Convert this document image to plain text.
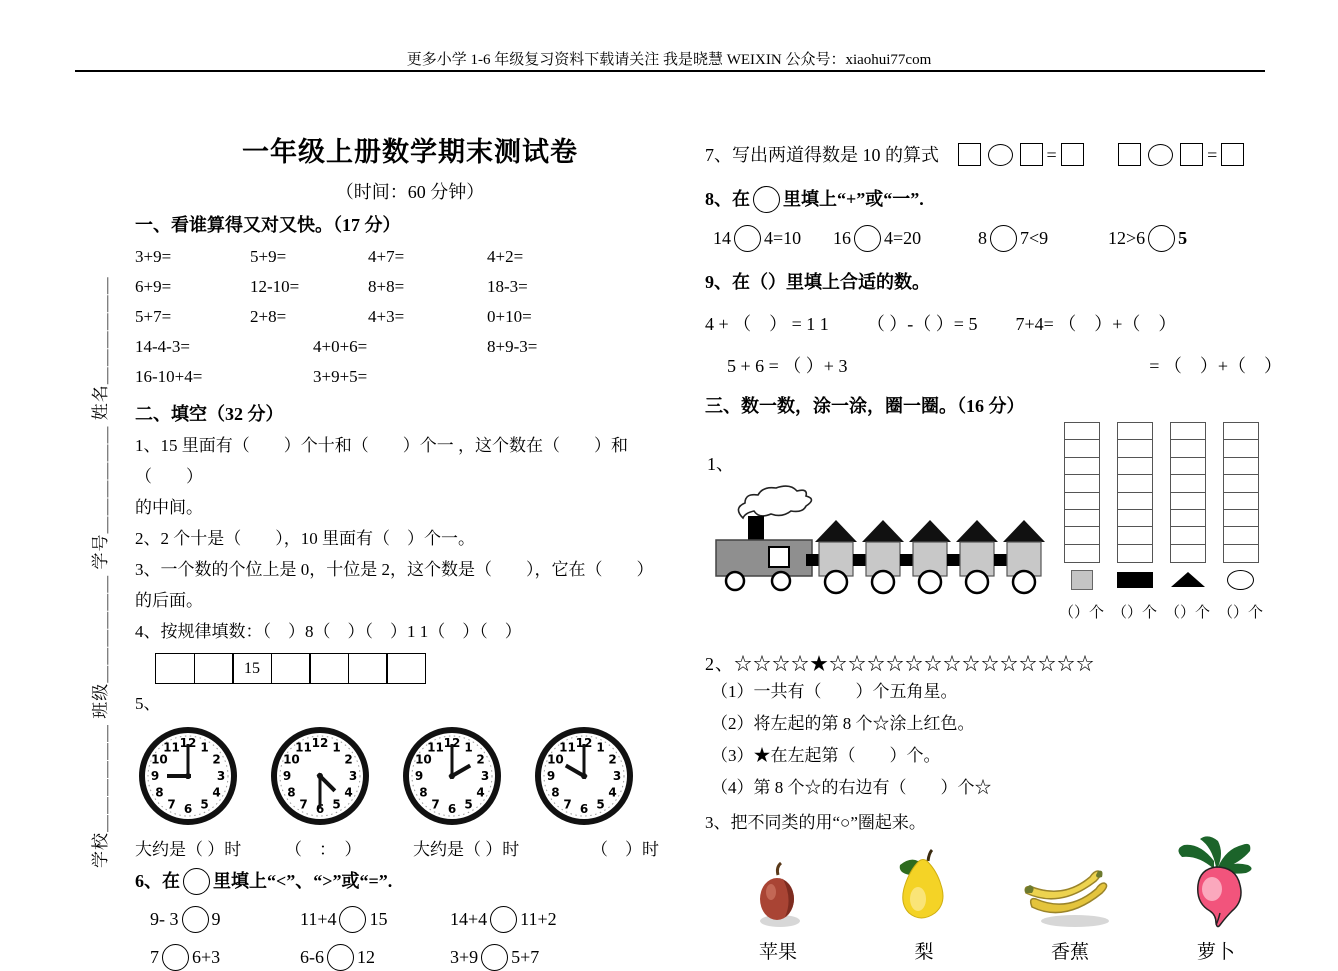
更多小学 1-6 年级复习资料下载请关注 我是晓慧 WEIXIN 公众号：xiaohui77com
学校＿＿＿＿＿＿ 班级＿＿＿＿＿＿ 学号＿＿＿＿＿＿ 姓名＿＿＿＿＿＿
一年级上册数学期末测试卷
（时间：60 分钟）
一、看谁算得又对又快。（17 分）
3+9=	5+9=	4+7=	4+2=
6+9=	12-10=	8+8=	18-3=
5+7=	2+8=	4+3=	0+10=
14-4-3=	4+0+6=	8+9-3=
16-10+4=	3+9+5=
二、填空（32 分）
1、15 里面有（　　）个十和（　　）个一 ，这个数在（　　）和（　　）
的中间。
2、2 个十是（　　），10 里面有（　）个一。
3、一个数的个位上是 0，十位是 2，这个数是（　　），它在（　　）
的后面。
4、按规律填数：（　）8（　）（　）1 1（　）（　）
15
5、
1
2
3
4
5
6
7
8
9
10
11 12	1
2
3
4
5
6
7
8
9
10
11 12	1
2
3
4
5
6
7
8
9
10
11 12	1
2
3
4
5
6
7
8
9
10
11 12
大约是（ ）时	（　：　）	大约是（ ）时	（　）时
6、在 里填上“<”、“>”或“=”.
9- 3 9	11+4 15	14+4 11+2
7 6+3	6-6 12	3+9 5+7
7、写出两道得数是 10 的算式	=	=
8、在 里填上“+”或“一”.
14 4=10	16 4=20	8 7<9	12>6 5
9、在（）里填上合适的数。
4 + （　） = 1 1 （ ）-（ ）= 5 7+4= （　）+（　）
5 + 6 = （ ）+ 3	= （　）+（　）
三、数一数，涂一涂，圈一圈。（16 分）
1、
（）个 （）个 （）个 （）个
2、☆☆☆☆★☆☆☆☆☆☆☆☆☆☆☆☆☆☆
（1）一共有（　　）个五角星。
（2）将左起的第 8 个☆涂上红色。
（3）★在左起第（　　）个。
（4）第 8 个☆的右边有（　　）个☆
3、把不同类的用“○”圈起来。
苹果	梨	香蕉	萝卜
